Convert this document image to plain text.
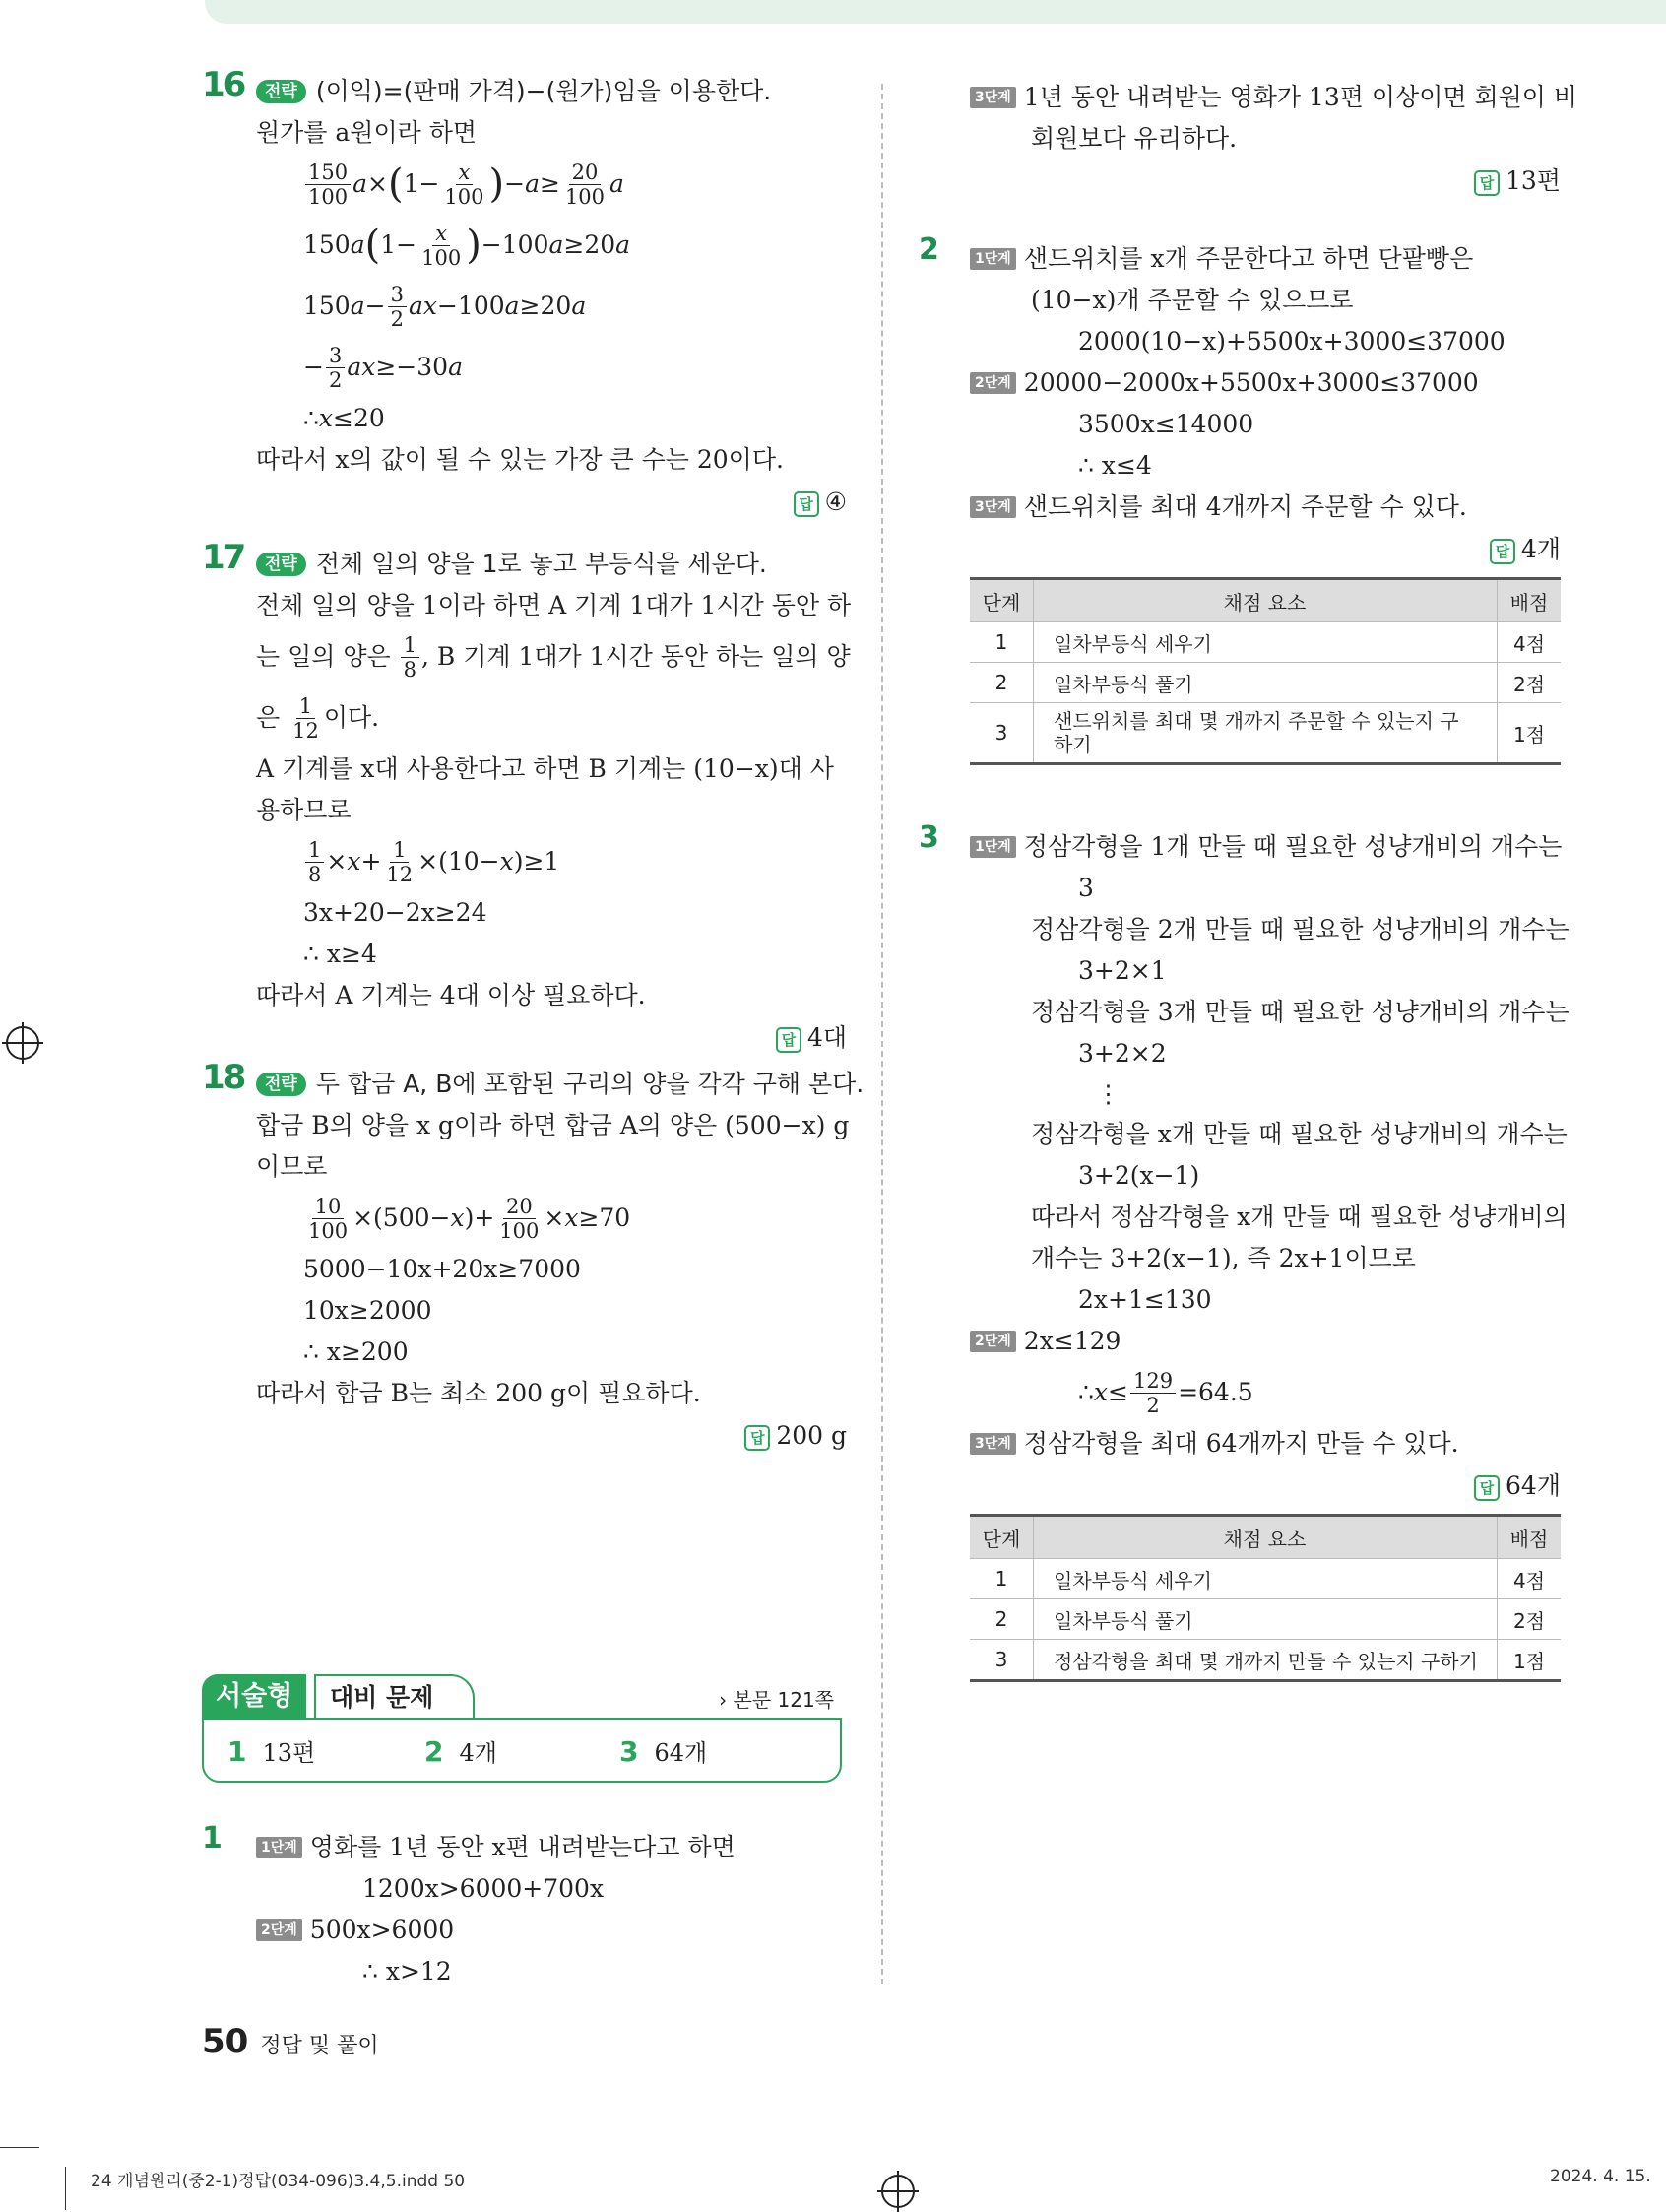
16	전략 (이익)=(판매 가격)−(원가)임을 이용한다.
원가를 a원이라 하면
$\frac{150}{100}$ a × ( $1- \frac{x}{100}$ ) − $a \ge \frac{20}{100}$ a
150 a ( $1- \frac{x}{100}$ ) −100 a ≥20 a
150 $a - \frac{3}{2}$ ax −100 a ≥20 a
− $\frac{3}{2}$ ax ≥−30 a
∴ x ≤20
따라서 x의 값이 될 수 있는 가장 큰 수는 20이다.
답 ④
17	전략 전체 일의 양을 1로 놓고 부등식을 세운다.
전체 일의 양을 1이라 하면 A 기계 1대가 1시간 동안 하
는 일의 양은
$\frac{1}{8}$ , B 기계 1대가 1시간 동안 하는 일의 양
은
$\frac{1}{12}$ 이다.
A 기계를 x대 사용한다고 하면 B 기계는 (10−x)대 사
용하므로
$\frac{1}{8} \times x + \frac{1}{12} \times(10- x$ )≥1
3x+20−2x≥24
∴ x≥4
따라서 A 기계는 4대 이상 필요하다.
답 4대
18	전략 두 합금 A, B에 포함된 구리의 양을 각각 구해 본다.
합금 B의 양을 x g이라 하면 합금 A의 양은 (500−x) g
이므로
$\frac{10}{100} \times(500- x$ )+ $\frac{20}{100} \times x \ge 70$
5000−10x+20x≥7000
10x≥2000
∴ x≥200
따라서 합금 B는 최소 200 g이 필요하다.
답 200 g
서술형	대비 문제	› 본문 121쪽
1 13편	2 4개	3 64개
1	1단계 영화를 1년 동안 x편 내려받는다고 하면
1200x>6000+700x
2단계 500x>6000
∴ x>12
3단계 1년 동안 내려받는 영화가 13편 이상이면 회원이 비
회원보다 유리하다.
답 13편
2	1단계 샌드위치를 x개 주문한다고 하면 단팥빵은
(10−x)개 주문할 수 있으므로
2000(10−x)+5500x+3000≤37000
2단계 20000−2000x+5500x+3000≤37000
3500x≤14000
∴ x≤4
3단계 샌드위치를 최대 4개까지 주문할 수 있다.
답 4개
단계	채점 요소	배점
1	일차부등식 세우기	4점
2	일차부등식 풀기	2점
3	샌드위치를 최대 몇 개까지 주문할 수 있는지 구
하기	1점
3	1단계 정삼각형을 1개 만들 때 필요한 성냥개비의 개수는
3
정삼각형을 2개 만들 때 필요한 성냥개비의 개수는
3+2×1
정삼각형을 3개 만들 때 필요한 성냥개비의 개수는
3+2×2
⋮
정삼각형을 x개 만들 때 필요한 성냥개비의 개수는
3+2(x−1)
따라서 정삼각형을 x개 만들 때 필요한 성냥개비의
개수는 3+2(x−1), 즉 2x+1이므로
2x+1≤130
2단계 2x≤129
∴ $x \le \frac{129}{2} =64.5$
3단계 정삼각형을 최대 64개까지 만들 수 있다.
답 64개
단계	채점 요소	배점
1	일차부등식 세우기	4점
2	일차부등식 풀기	2점
3	정삼각형을 최대 몇 개까지 만들 수 있는지 구하기	1점
50 정답 및 풀이
24 개념원리(중2-1)정답(034-096)3.4,5.indd 50	2024. 4. 15.
